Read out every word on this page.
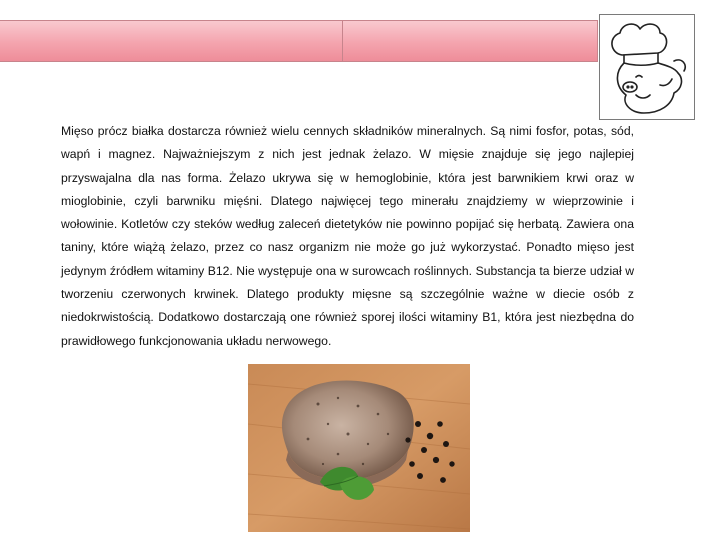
Mięso prócz białka dostarcza również wielu cennych składników mineralnych. Są nimi fosfor, potas, sód, wapń i magnez. Najważniejszym z nich jest jednak żelazo. W mięsie znajduje się jego najlepiej przyswajalna dla nas forma. Żelazo ukrywa się w hemoglobinie, która jest barwnikiem krwi oraz w mioglobinie, czyli barwniku mięśni. Dlatego najwięcej tego minerału znajdziemy w wieprzowinie i wołowinie. Kotletów czy steków według zaleceń dietetyków nie powinno popijać się herbatą. Zawiera ona taniny, które wiążą żelazo, przez co nasz organizm nie może go już wykorzystać. Ponadto mięso jest jedynym źródłem witaminy B12. Nie występuje ona w surowcach roślinnych. Substancja ta bierze udział w tworzeniu czerwonych krwinek. Dlatego produkty mięsne są szczególnie ważne w diecie osób z niedokrwistością. Dodatkowo dostarczają one również sporej ilości witaminy B1, która jest niezbędna do prawidłowego funkcjonowania układu nerwowego.
